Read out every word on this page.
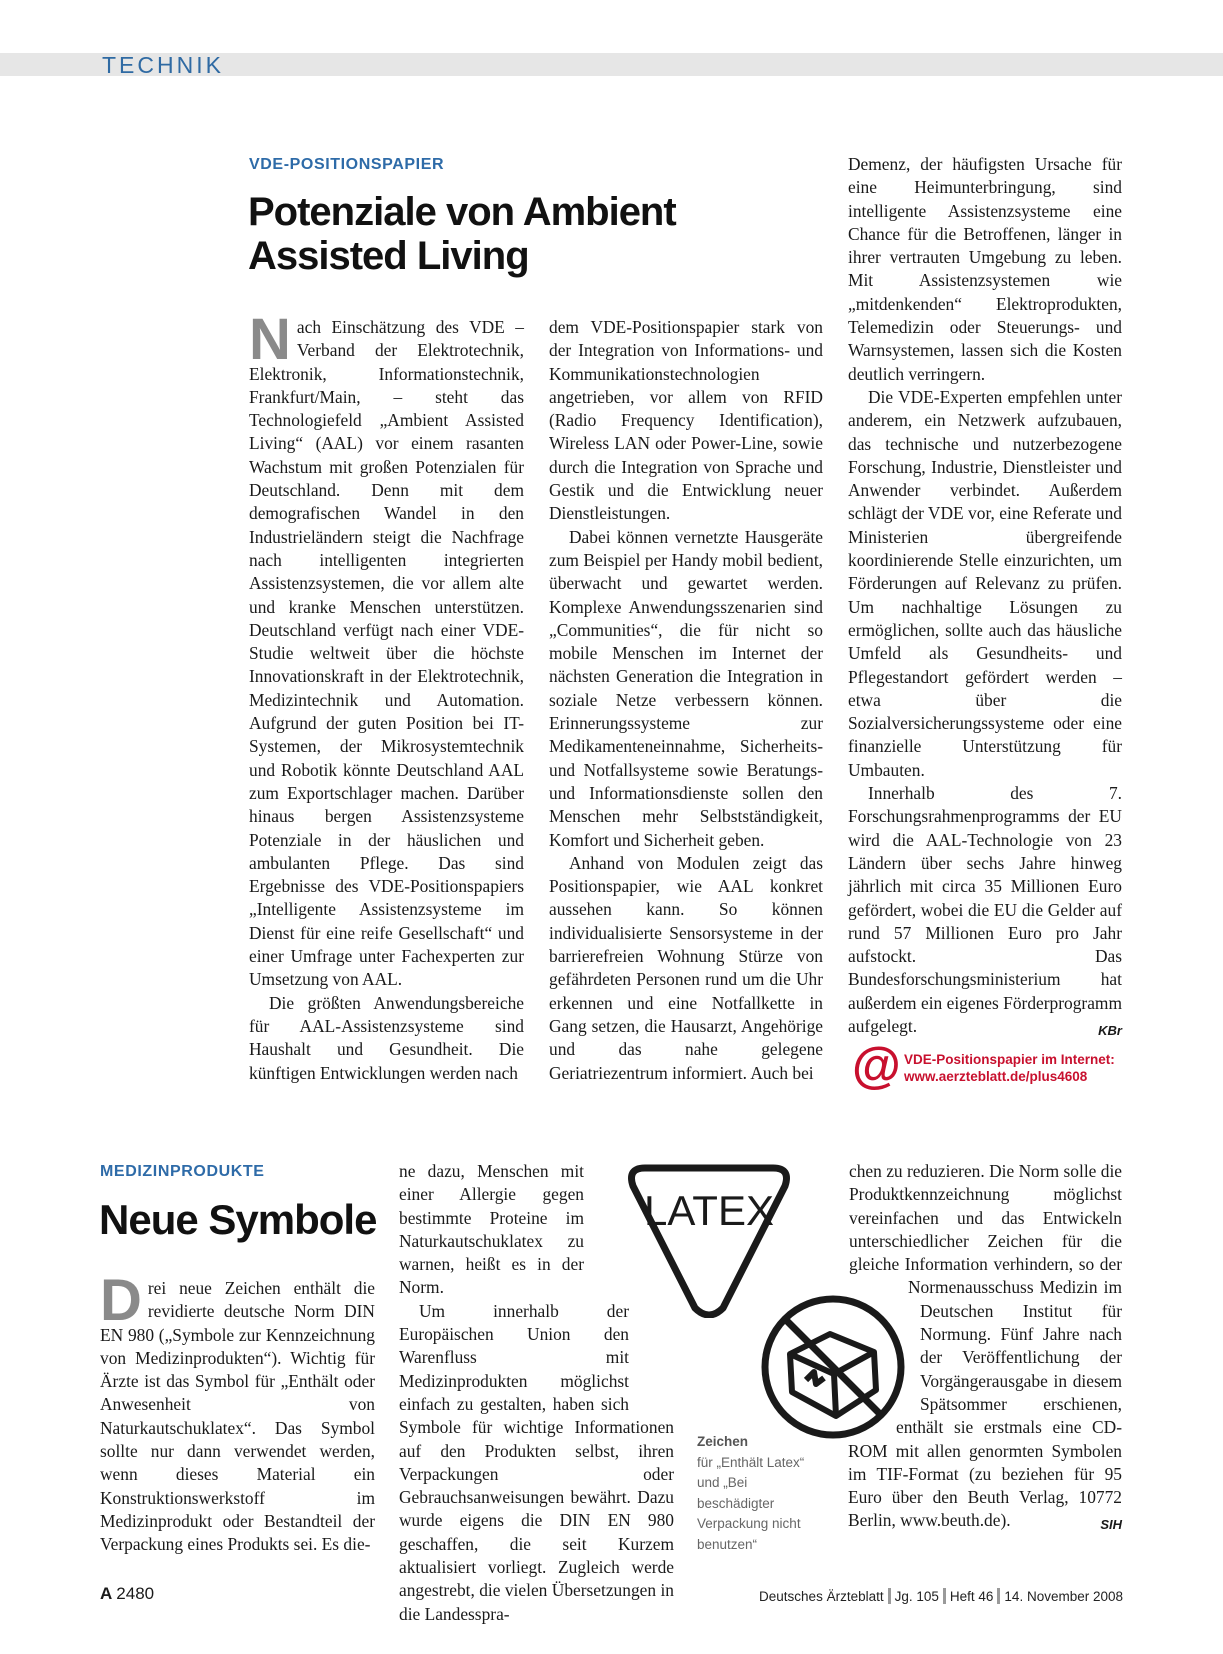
TECHNIK
VDE-POSITIONSPAPIER
Potenziale von Ambient
Assisted Living

Nach Einschätzung des VDE – Verband der Elektrotechnik, Elektronik, Informationstechnik, Frankfurt/Main, – steht das Technologiefeld „Ambient Assisted Living“ (AAL) vor einem rasanten Wachstum mit großen Potenzialen für Deutschland. Denn mit dem demografischen Wandel in den Industrieländern steigt die Nachfrage nach intelligenten integrierten Assistenzsystemen, die vor allem alte und kranke Menschen unterstützen. Deutschland verfügt nach einer VDE-Studie weltweit über die höchste Innovationskraft in der Elektrotechnik, Medizintechnik und Automation. Aufgrund der guten Position bei IT-Systemen, der Mikrosystemtechnik und Robotik könnte Deutschland AAL zum Exportschlager machen. Darüber hinaus bergen Assistenzsysteme Potenziale in der häuslichen und ambulanten Pflege. Das sind Ergebnisse des VDE-Positionspapiers „Intelligente Assistenzsysteme im Dienst für eine reife Gesellschaft“ und einer Umfrage unter Fachexperten zur Umsetzung von AAL.

Die größten Anwendungsbereiche für AAL-Assistenzsysteme sind Haushalt und Gesundheit. Die künftigen Entwicklungen werden nach

dem VDE-Positionspapier stark von der Integration von Informations- und Kommunikationstechnologien angetrieben, vor allem von RFID (Radio Frequency Identification), Wireless LAN oder Power-Line, sowie durch die Integration von Sprache und Gestik und die Entwicklung neuer Dienstleistungen.

Dabei können vernetzte Hausgeräte zum Beispiel per Handy mobil bedient, überwacht und gewartet werden. Komplexe Anwendungsszenarien sind „Communities“, die für nicht so mobile Menschen im Internet der nächsten Generation die Integration in soziale Netze verbessern können. Erinnerungssysteme zur Medikamenteneinnahme, Sicherheits- und Notfallsysteme sowie Beratungs- und Informationsdienste sollen den Menschen mehr Selbstständigkeit, Komfort und Sicherheit geben.

Anhand von Modulen zeigt das Positionspapier, wie AAL konkret aussehen kann. So können individualisierte Sensorsysteme in der barrierefreien Wohnung Stürze von gefährdeten Personen rund um die Uhr erkennen und eine Notfallkette in Gang setzen, die Hausarzt, Angehörige und das nahe gelegene Geriatriezentrum informiert. Auch bei

Demenz, der häufigsten Ursache für eine Heimunterbringung, sind intelligente Assistenzsysteme eine Chance für die Betroffenen, länger in ihrer vertrauten Umgebung zu leben. Mit Assistenzsystemen wie „mitdenkenden“ Elektroprodukten, Telemedizin oder Steuerungs- und Warnsystemen, lassen sich die Kosten deutlich verringern.

Die VDE-Experten empfehlen unter anderem, ein Netzwerk aufzubauen, das technische und nutzerbezogene Forschung, Industrie, Dienstleister und Anwender verbindet. Außerdem schlägt der VDE vor, eine Referate und Ministerien übergreifende koordinierende Stelle einzurichten, um Förderungen auf Relevanz zu prüfen. Um nachhaltige Lösungen zu ermöglichen, sollte auch das häusliche Umfeld als Gesundheits- und Pflegestandort gefördert werden – etwa über die Sozialversicherungssysteme oder eine finanzielle Unterstützung für Umbauten.

Innerhalb des 7. Forschungsrahmenprogramms der EU wird die AAL-Technologie von 23 Ländern über sechs Jahre hinweg jährlich mit circa 35 Millionen Euro gefördert, wobei die EU die Gelder auf rund 57 Millionen Euro pro Jahr aufstockt. Das Bundesforschungsministerium hat außerdem ein eigenes Förderprogramm aufgelegt.	KBr

@ VDE-Positionspapier im Internet:
www.aerzteblatt.de/plus4608
MEDIZINPRODUKTE
Neue Symbole

Drei neue Zeichen enthält die revidierte deutsche Norm DIN EN 980 („Symbole zur Kennzeichnung von Medizinprodukten“). Wichtig für Ärzte ist das Symbol für „Enthält oder Anwesenheit von Naturkautschuklatex“. Das Symbol sollte nur dann verwendet werden, wenn dieses Material ein Konstruktionswerkstoff im Medizinprodukt oder Bestandteil der Verpackung eines Produkts sei. Es die-

ne dazu, Menschen mit einer Allergie gegen bestimmte Proteine im Naturkautschuklatex zu warnen, heißt es in der Norm.

Um innerhalb der Europäischen Union den Warenfluss mit Medizinprodukten möglichst einfach zu gestalten, haben sich Symbole für wichtige Informationen auf den Produkten selbst, ihren Verpackungen oder Gebrauchsanweisungen bewährt. Dazu wurde eigens die DIN EN 980 geschaffen, die seit Kurzem aktualisiert vorliegt. Zugleich werde angestrebt, die vielen Übersetzungen in die Landesspra-

chen zu reduzieren. Die Norm solle die Produktkennzeichnung möglichst vereinfachen und das Entwickeln unterschiedlicher Zeichen für die gleiche Information verhindern, so der Normenausschuss Medizin im Deutschen Institut für Normung. Fünf Jahre nach der Veröffentlichung der Vorgängerausgabe in diesem Spätsommer erschienen, enthält sie erstmals eine CD-ROM mit allen genormten Symbolen im TIF-Format (zu beziehen für 95 Euro über den Beuth Verlag, 10772 Berlin, www.beuth.de).	SIH

LATEX
Zeichen
für „Enthält Latex“ und „Bei beschädigter Verpackung nicht benutzen“
A 2480	Deutsches Ärzteblatt Jg. 105 Heft 46 14. November 2008
